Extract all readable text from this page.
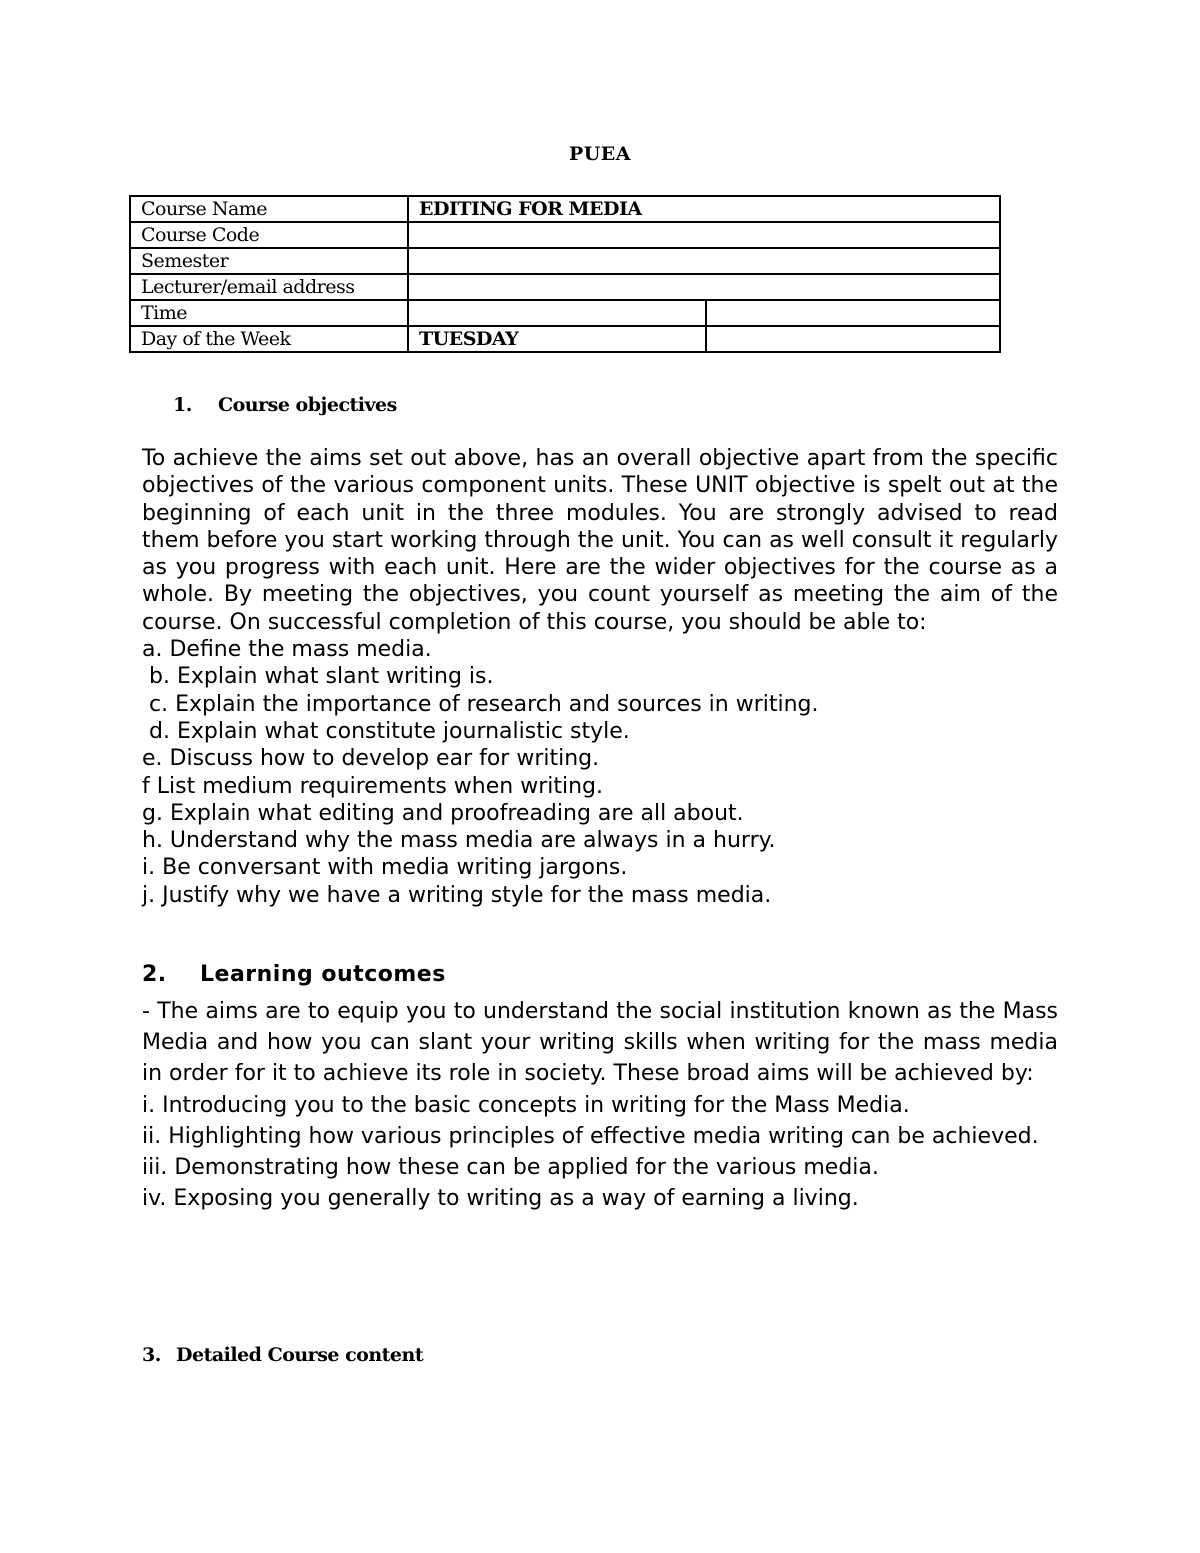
PUEA
Course Name	EDITING FOR MEDIA	
Course Code		
Semester		
Lecturer/email address		
Time		
Day of the Week	TUESDAY	
1. Course objectives
To achieve the aims set out above, has an overall objective apart from the specific objectives of the various component units. These UNIT objective is spelt out at the beginning of each unit in the three modules. You are strongly advised to read them before you start working through the unit. You can as well consult it regularly as you progress with each unit. Here are the wider objectives for the course as a whole. By meeting the objectives, you count yourself as meeting the aim of the course. On successful completion of this course, you should be able to:
a. Define the mass media.
b. Explain what slant writing is.
c. Explain the importance of research and sources in writing.
d. Explain what constitute journalistic style.
e. Discuss how to develop ear for writing.
f List medium requirements when writing.
g. Explain what editing and proofreading are all about.
h. Understand why the mass media are always in a hurry.
i. Be conversant with media writing jargons.
j. Justify why we have a writing style for the mass media.
2. Learning outcomes
- The aims are to equip you to understand the social institution known as the Mass Media and how you can slant your writing skills when writing for the mass media in order for it to achieve its role in society. These broad aims will be achieved by:
i. Introducing you to the basic concepts in writing for the Mass Media.
ii. Highlighting how various principles of effective media writing can be achieved.
iii. Demonstrating how these can be applied for the various media.
iv. Exposing you generally to writing as a way of earning a living.
3. Detailed Course content
